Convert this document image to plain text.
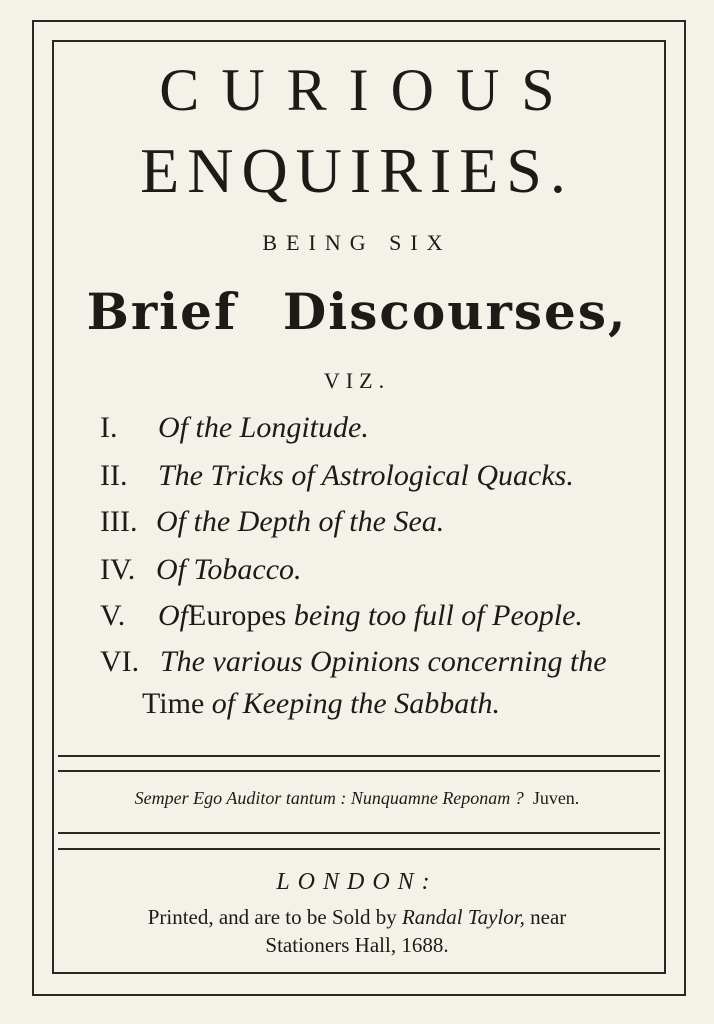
CURIOUS
ENQUIRIES.
BEING SIX
Brief Discourses,
VIZ.
I. Of the Longitude.
II. The Tricks of Astrological Quacks.
III. Of the Depth of the Sea.
IV. Of Tobacco.
V. OfEuropes being too full of People.
VI. The various Opinions concerning the
Time of Keeping the Sabbath.
Semper Ego Auditor tantum : Nunquamne Reponam ? Juven.
LONDON:
Printed, and are to be Sold by Randal Taylor, near
Stationers Hall, 1688.
